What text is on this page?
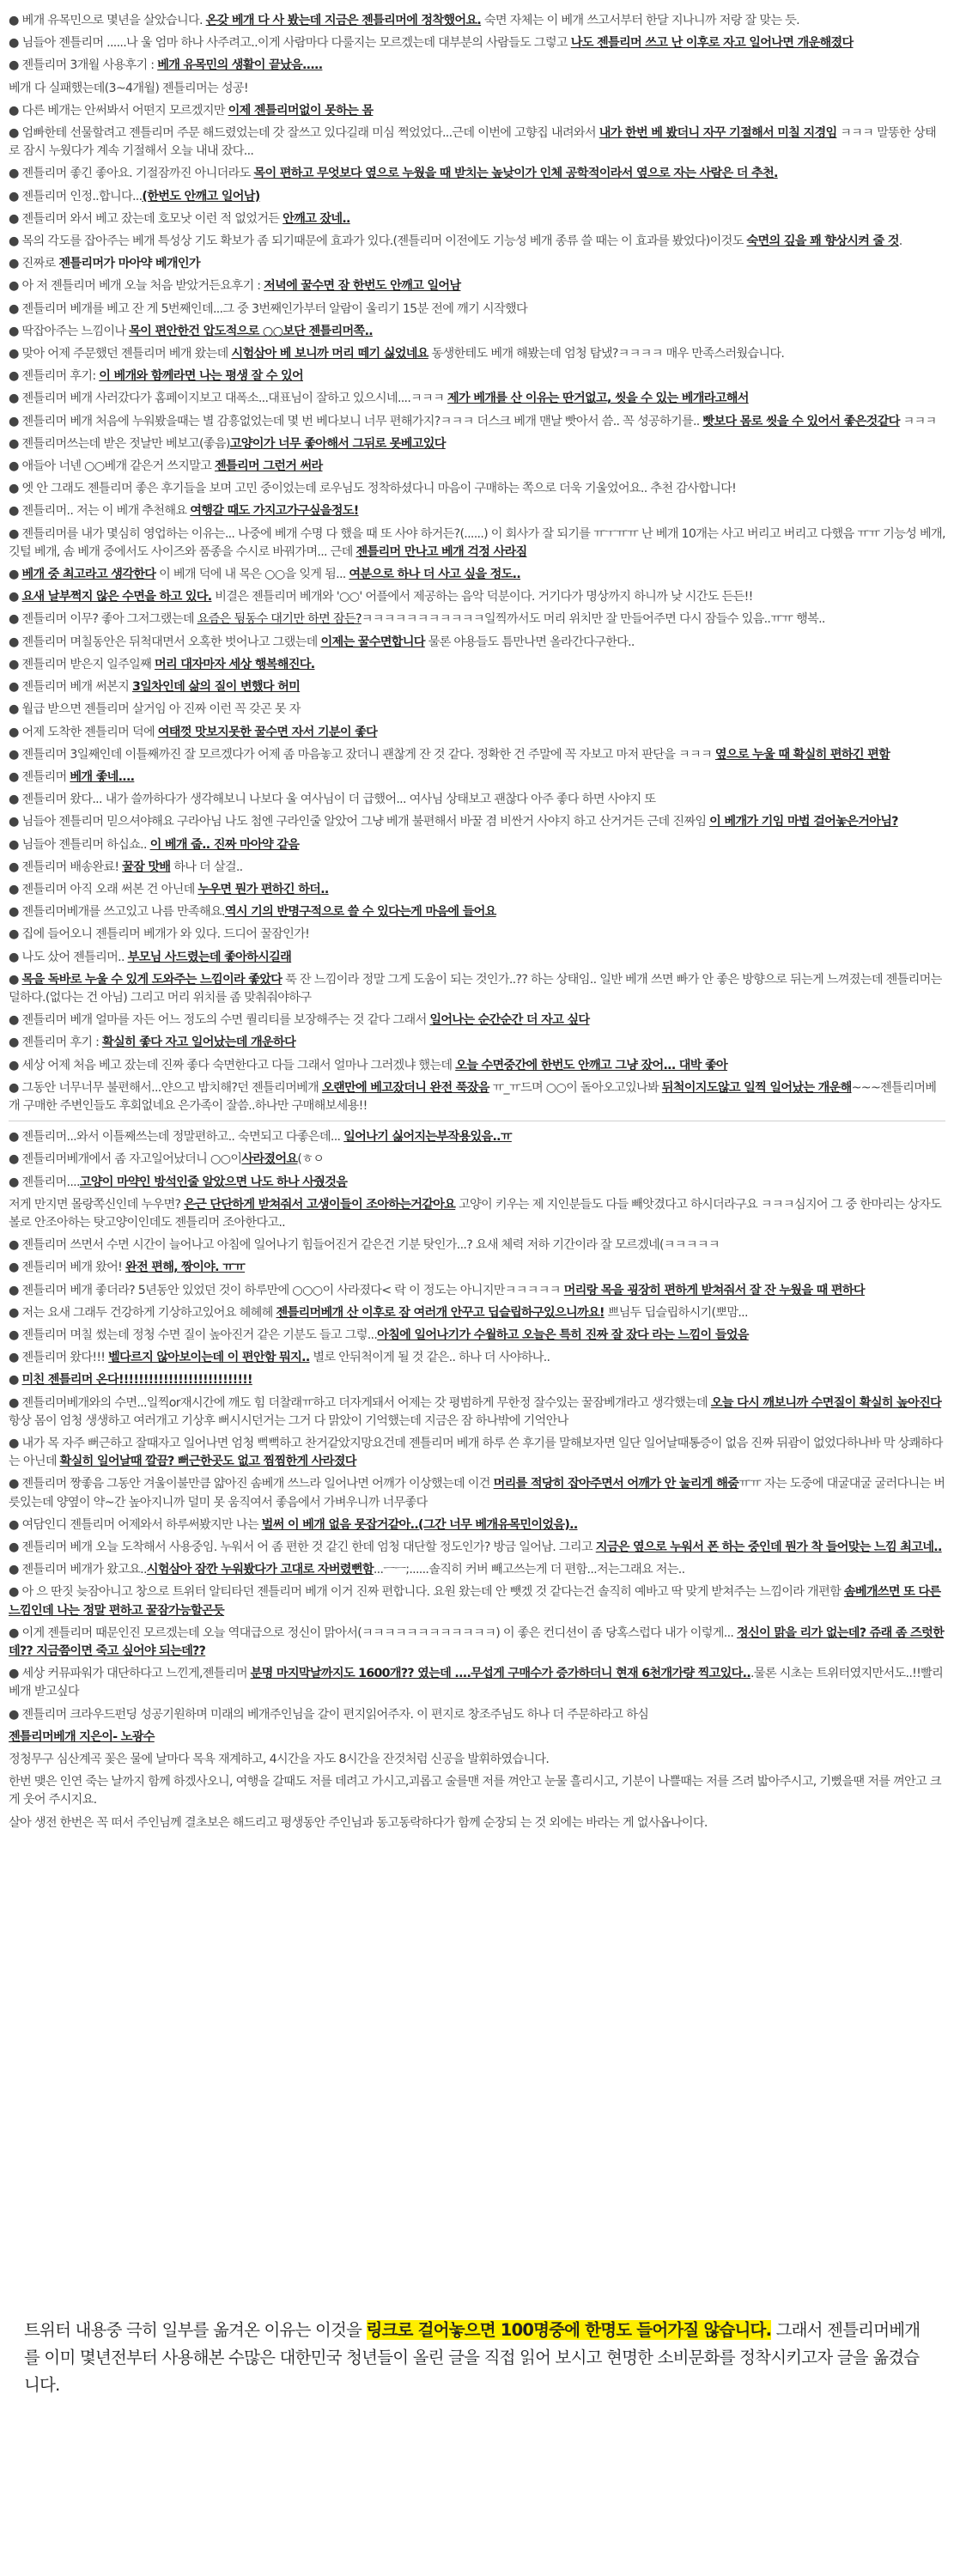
● 베개 유목민으로 몇년을 살았습니다. 온갖 베개 다 사 봤는데 지금은 젠틀리머에 정착했어요. 숙면 자체는 이 베개 쓰고서부터 한달 지나니까 저랑 잘 맞는 듯.
● 님들아 젠틀리머 ......나 울 엄마 하나 사주려고..이게 사람마다 다룰지는 모르겠는데 대부분의 사람들도 그렇고 나도 젠틀리머 쓰고 난 이후로 자고 일어나면 개운해졌다
● 젠틀리머 3개월 사용후기 : 베개 유목민의 생활이 끝났음.....
베개 다 실패했는데(3~4개월) 젠틀리머는 성공!
● 다른 베개는 안써봐서 어떤지 모르겠지만 이제 젠틀리머없이 못하는 몸
● 엄빠한테 선물할려고 젠틀리머 주문 해드렸었는데 갓 잘쓰고 있다길래 미심 쩍었었다...근데 이번에 고향집 내려와서 내가 한번 베 봤더니 자꾸 기절해서 미칠 지경임 ㅋㅋㅋ 말똥한 상태로 잠시 누웠다가 계속 기절해서 오늘 내내 잤다...
● 젠틀리머 좋긴 좋아요. 기절잠까진 아니더라도 목이 편하고 무엇보다 옆으로 누웠을 때 받치는 높낮이가 인체 공학적이라서 옆으로 자는 사람은 더 추천.
● 젠틀리머 인정..합니다...(한번도 안깨고 일어남)
● 젠틀리머 와서 베고 잤는데 호모낫 이런 적 없었거든 안깨고 잤네..
● 목의 각도를 잡아주는 베개 특성상 기도 확보가 좀 되기때문에 효과가 있다.(젠틀리머 이전에도 기능성 베개 종류 쓸 때는 이 효과를 봤었다)이것도 숙면의 깊을 꽤 향상시켜 줄 것.
● 진짜로 젠틀리머가 마아약 베개인가
● 아 저 젠틀리머 베개 오늘 처음 받았거든요후기 : 저녁에 꿀수면 잠 한번도 안깨고 일어남
● 젠틀리머 베개를 베고 잔 게 5번째인데...그 중 3번째인가부터 알람이 울리기 15분 전에 깨기 시작했다
● 딱잡아주는 느낌이나 목이 편안한건 압도적으로 ○○보단 젠틀리머쪽..
● 맞아 어제 주문했던 젠틀리머 베개 왔는데 시험삼아 베 보니까 머리 떼기 싫었네요 동생한테도 베개 해봤는데 엄청 탐냈?ㅋㅋㅋㅋ 매우 만족스러웠습니다.
● 젠틀리머 후기: 이 베개와 함께라면 나는 평생 잘 수 있어
● 젠틀리머 베개 사러갔다가 홈페이지보고 대폭소...대표님이 잘하고 있으시네....ㅋㅋㅋ 제가 베개를 산 이유는 딴거없고, 씻을 수 있는 베개라고해서
● 젠틀리머 베개 처음에 누워봤을때는 별 감흥없었는데 몇 번 베다보니 너무 편해가지?ㅋㅋㅋ 더스크 베개 맨날 빳아서 씀.. 꼭 성공하기를.. 빳보다 몸로 씻을 수 있어서 좋은것같다 ㅋㅋㅋ
● 젠틀리머쓰는데 받은 젓날만 베보고(좋음)고양이가 너무 좋아해서 그뒤로 못베고있다
● 애들아 너넨 ○○베개 같은거 쓰지말고 젠틀리머 그런거 써라
● 엣 안 그래도 젠틀리머 좋은 후기들을 보며 고민 중이었는데 로우님도 정착하셨다니 마음이 구매하는 쪽으로 더욱 기울었어요.. 추천 감사합니다!
● 젠틀리머.. 저는 이 베개 추천해요 여행갈 때도 가지고가구싶을정도!
● 젠틀리머를 내가 몇심히 영업하는 이유는... 나중에 베개 수명 다 했을 때 또 사야 하거든?(......) 이 회사가 잘 되기를 ㅠㅜㅠㅠ 난 베개 10개는 사고 버리고 버리고 다했음 ㅠㅠ 기능성 베개, 깃털 베개, 솜 베개 중에서도 사이즈와 품종을 수시로 바꿔가며... 근데 젠틀리머 만나고 베개 걱정 사라짐
● 베개 중 최고라고 생각한다 이 베개 덕에 내 목은 ○○을 잊게 됨... 여분으로 하나 더 사고 싶을 정도..
● 요새 날부쩍지 않은 수면을 하고 있다. 비결은 젠틀리머 베개와 '○○' 어플에서 제공하는 음악 덕분이다. 거기다가 명상까지 하니까 낮 시간도 든든!!
● 젠틀리머 이무? 좋아 그저그랬는데 요즘은 뒹동수 대기만 하면 잠든?ㅋㅋㅋㅋㅋㅋㅋㅋㅋㅋㅋ일찍까서도 머리 위치만 잘 만들어주면 다시 잠들수 있음..ㅠㅠ 행복..
● 젠틀리머 며칠동안은 뒤척대면서 오혹한 벗어나고 그랬는데 이제는 꿀수면합니다 물론 야용들도 틈만나면 올라간다구한다..
● 젠틀리머 받은지 일주일째 머리 대자마자 세상 행복해진다.
● 젠틀리머 베개 써본지 3일차인데 삶의 질이 변했다 허미
● 월급 받으면 젠틀리머 살거임 아 진짜 이런 꼭 갖곤 못 자
● 어제 도착한 젠틀리머 덕에 여태껏 맛보지못한 꿀수면 자서 기분이 좋다
● 젠틀리머 3일째인데 이틀째까진 잘 모르겠다가 어제 좀 마음놓고 잤더니 괜찮게 잔 것 같다. 정확한 건 주말에 꼭 자보고 마저 판단을 ㅋㅋㅋ 옆으로 누울 때 확실히 편하긴 편함
● 젠틀리머 베개 좋네....
● 젠틀리머 왔다... 내가 쓸까하다가 생각해보니 나보다 울 여사님이 더 급했어... 여사님 상태보고 괜찮다 아주 좋다 하면 사야지 또
● 님들아 젠틀리머 믿으셔야해요 구라아님 나도 첨엔 구라인줄 알았어 그냥 베개 불편해서 바꿀 겸 비싼거 사야지 하고 산거거든 근데 진짜임 이 베개가 기임 마법 걸어놓은거아님?
● 님들아 젠틀리머 하십쇼.. 이 베개 줍.. 진짜 마아약 같음
● 젠틀리머 배송완료! 꿀잠 맛배 하나 더 살걸..
● 젠틀리머 아직 오래 써본 건 아닌데 누우면 뭔가 편하긴 하더..
● 젠틀리머베개를 쓰고있고 나름 만족해요.역시 기의 반명구적으로 쓸 수 있다는게 마음에 들어요
● 집에 들어오니 젠틀리머 베개가 와 있다. 드디어 꿀잠인가!
● 나도 샀어 젠틀리머.. 부모님 사드렸는데 좋아하시길래
● 목을 독바로 누울 수 있게 도와주는 느낌이라 좋았다 푹 잔 느낌이라 정말 그게 도움이 되는 것인가..?? 하는 상태임.. 일반 베개 쓰면 빠가 안 좋은 방향으로 뒤는게 느껴졌는데 젠틀리머는 덜하다.(없다는 건 아님) 그리고 머리 위치를 좀 맞춰줘야하구
● 젠틀리머 베개 얼마를 자든 어느 정도의 수면 퀄리티를 보장해주는 것 같다 그래서 일어나는 순간순간 더 자고 싶다
● 젠틀리머 후기 : 확실히 좋다 자고 일어났는데 개운하다
● 세상 어제 처음 베고 잤는데 진짜 좋다 숙면한다고 다들 그래서 얼마나 그러겠냐 했는데 오늘 수면중간에 한번도 안깨고 그냥 잤어... 대박 좋아
● 그동안 너무너무 불편해서...얀으고 밤치해?던 젠틀리머베개 오랜만에 베고잤더니 완전 푹잤음 ㅠ_ㅠ드며 ○○이 돌아오고있나봐 뒤척이지도않고 일찍 일어났는 개운해~~~젠틀리머베개 구매한 주변인들도 후회없네요 은가족이 잘씀..하나만 구매해보세용!!
● 젠틀리머...와서 이틀째쓰는데 정말편하고.. 숙면되고 다좋은데... 일어나기 싫어지는부작용있음..ㅠ
● 젠틀리머베개에서 좀 자고일어났더니 ○○이사라졌어요(ㅎㅇ
● 젠틀리머....고양이 마약인 방석인줄 알았으면 나도 하나 사줬것음
저게 만지면 몰랑쪽신인데 누우면? 은근 단단하게 받쳐줘서 고생이들이 조아하는거같아요 고양이 키우는 제 지인분들도 다들 빼앗겼다고 하시더라구요 ㅋㅋㅋ심지어 그 중 한마리는 상자도 볼로 안조아하는 탓고양이인데도 젠틀리머 조아한다고..
● 젠틀리머 쓰면서 수면 시간이 늘어나고 아침에 일어나기 힘들어진거 같은건 기분 탓인가...? 요새 체력 저하 기간이라 잘 모르겠네(ㅋㅋㅋㅋㅋ
● 젠틀리머 베개 왔어! 완전 편해, 짱이야. ㅠㅠ
● 젠틀리머 베개 좋더라? 5년동안 있었던 것이 하루만에 ○○○이 사라졌다< 락 이 정도는 아니지만ㅋㅋㅋㅋㅋ 머리랑 목을 굉장히 편하게 받쳐줘서 잘 잔 누웠을 때 편하다
● 저는 요새 그래두 건강하게 기상하고있어요 헤헤헤 젠틀리머베개 산 이후로 잠 여러개 안꾸고 딥슬립하구있으니까요! 쁘님두 딥슬립하시기(뽀맘...
● 젠틀리머 며칠 썼는데 정청 수면 질이 높아진거 같은 기분도 들고 그렇...아침에 일어나기가 수월하고 오늘은 특히 진짜 잘 잤다 라는 느낌이 들었음
● 젠틀리머 왔다!!! 벨다르지 않아보이는데 이 편안함 뭐지.. 별로 안뒤척이게 될 것 같은.. 하나 더 사야하나..
● 미친 젠틀리머 온다!!!!!!!!!!!!!!!!!!!!!!!!!!!
● 젠틀리머베개와의 수면...일찍or재시간에 깨도 힘 더찰래ㅠ하고 더자게돼서 어제는 갓 평범하게 무한정 잘수있는 꿀잠베개라고 생각했는데 오늘 다시 깨보니까 수면질이 확실히 높아진다 항상 몸이 엄청 생생하고 여러개고 기상후 뻐시시던거는 그거 다 맑았이 기억했는데 지금은 잠 하나밖에 기억안나
● 내가 목 자주 뻐근하고 잘때자고 일어나면 엄청 뻑뻑하고 찬거같았지망요건데 젠틀리머 베개 하루 쓴 후기를 말해보자면 일단 일어날때통증이 없음 진짜 뒤괌이 없었다하나바 막 상쾌하다는 아닌데 확실히 일어날때 깔끔? 뻐근한곳도 없고 찜찜한게 사라졌다
● 젠틀리머 짱좋음 그동안 겨울이불만큼 얇아진 솜베개 쓰느라 일어나면 어깨가 이상했는데 이건 머리를 적당히 잡아주면서 어깨가 안 눌리게 해줌ㅠㅠ 자는 도중에 대굴대굴 굴러다니는 버릇있는데 양옆이 약~간 높아지니까 덜미 못 움직여서 좋음에서 가벼우니까 너무좋다
● 여담인디 젠틀리머 어제와서 하루써봤지만 나는 벌써 이 베개 없음 못잡거같아..(그간 너무 베개유목민이었음)..
● 젠틀리머 베개 오늘 도착해서 사용중임. 누워서 어 좀 편한 것 같긴 한데 엄청 대단할 정도인가? 방금 일어남. 그리고 지금은 옆으로 누워서 폰 하는 중인데 뭔가 착 들어맞는 느낌 최고네..
● 젠틀리머 베개가 왔고요..시험삼아 잠깐 누워봤다가 고대로 자버렸뻔함...ㅡㅡ;......솔직히 커버 빼고쓰는게 더 편함...저는그래요 저는..
● 아 으 딴짓 늦잠아니고 창으로 트위터 알티타던 젠틀리머 베개 이거 진짜 편합니다. 요원 왔는데 안 뺏겠 것 같다는건 솔직히 예바고 딱 맞게 받쳐주는 느낌이라 개편함 솜베개쓰면 또 다른 느낌인데 나는 정말 편하고 꿀잠가능할곤듯
● 이게 젠틀리머 때문인진 모르겠는데 오늘 역대급으로 정신이 맑아서(ㅋㅋㅋㅋㅋㅋㅋㅋㅋㅋㅋㅋ) 이 좋은 컨디션이 좀 당혹스럽다 내가 이렇게... 정신이 맑을 리가 없는데? 쥬래 좀 즈럿한데?? 지금쯤이면 죽고 싶어야 되는데??
● 세상 커뮤파워가 대단하다고 느낀게,젠틀리머 분명 마지막날까지도 1600개?? 였는데 ....무섭게 구매수가 증가하더니 현재 6천개가량 찍고있다...물론 시초는 트위터였지만서도..!!빨리 베개 받고싶다
● 젠틀리머 크라우드펀딩 성공기원하며 미래의 베개주인님을 갈이 편지읽어주자. 이 편지로 창조주님도 하나 더 주문하라고 하심
젠틀리머베개 지은이- 노광수
정청무구 심산계곡 꽃은 물에 날마다 목욕 재계하고, 4시간을 자도 8시간을 잔것처럼 신공을 발휘하였습니다.
한번 맺은 인연 죽는 날까지 함께 하겠사오니, 여행을 갈때도 저를 데려고 가시고,괴롭고 술를맨 저를 껴안고 눈물 흘리시고, 기분이 나쁠때는 저를 즈려 밟아주시고, 기뻤을땐 저를 껴안고 크게 웃어 주시지요.
살아 생전 한번은 꼭 떠서 주인님께 결초보은 해드리고 평생동안 주인님과 동고동락하다가 함께 순장되 는 것 외에는 바라는 게 없사옵나이다.
트위터 내용중 극히 일부를 옮겨온 이유는 이것을 링크로 걸어놓으면 100명중에 한명도 들어가질 않습니다. 그래서 젠틀리머베개를 이미 몇년전부터 사용해본 수많은 대한민국 청년들이 올린 글을 직접 읽어 보시고 현명한 소비문화를 정착시키고자 글을 옮겼습니다.
